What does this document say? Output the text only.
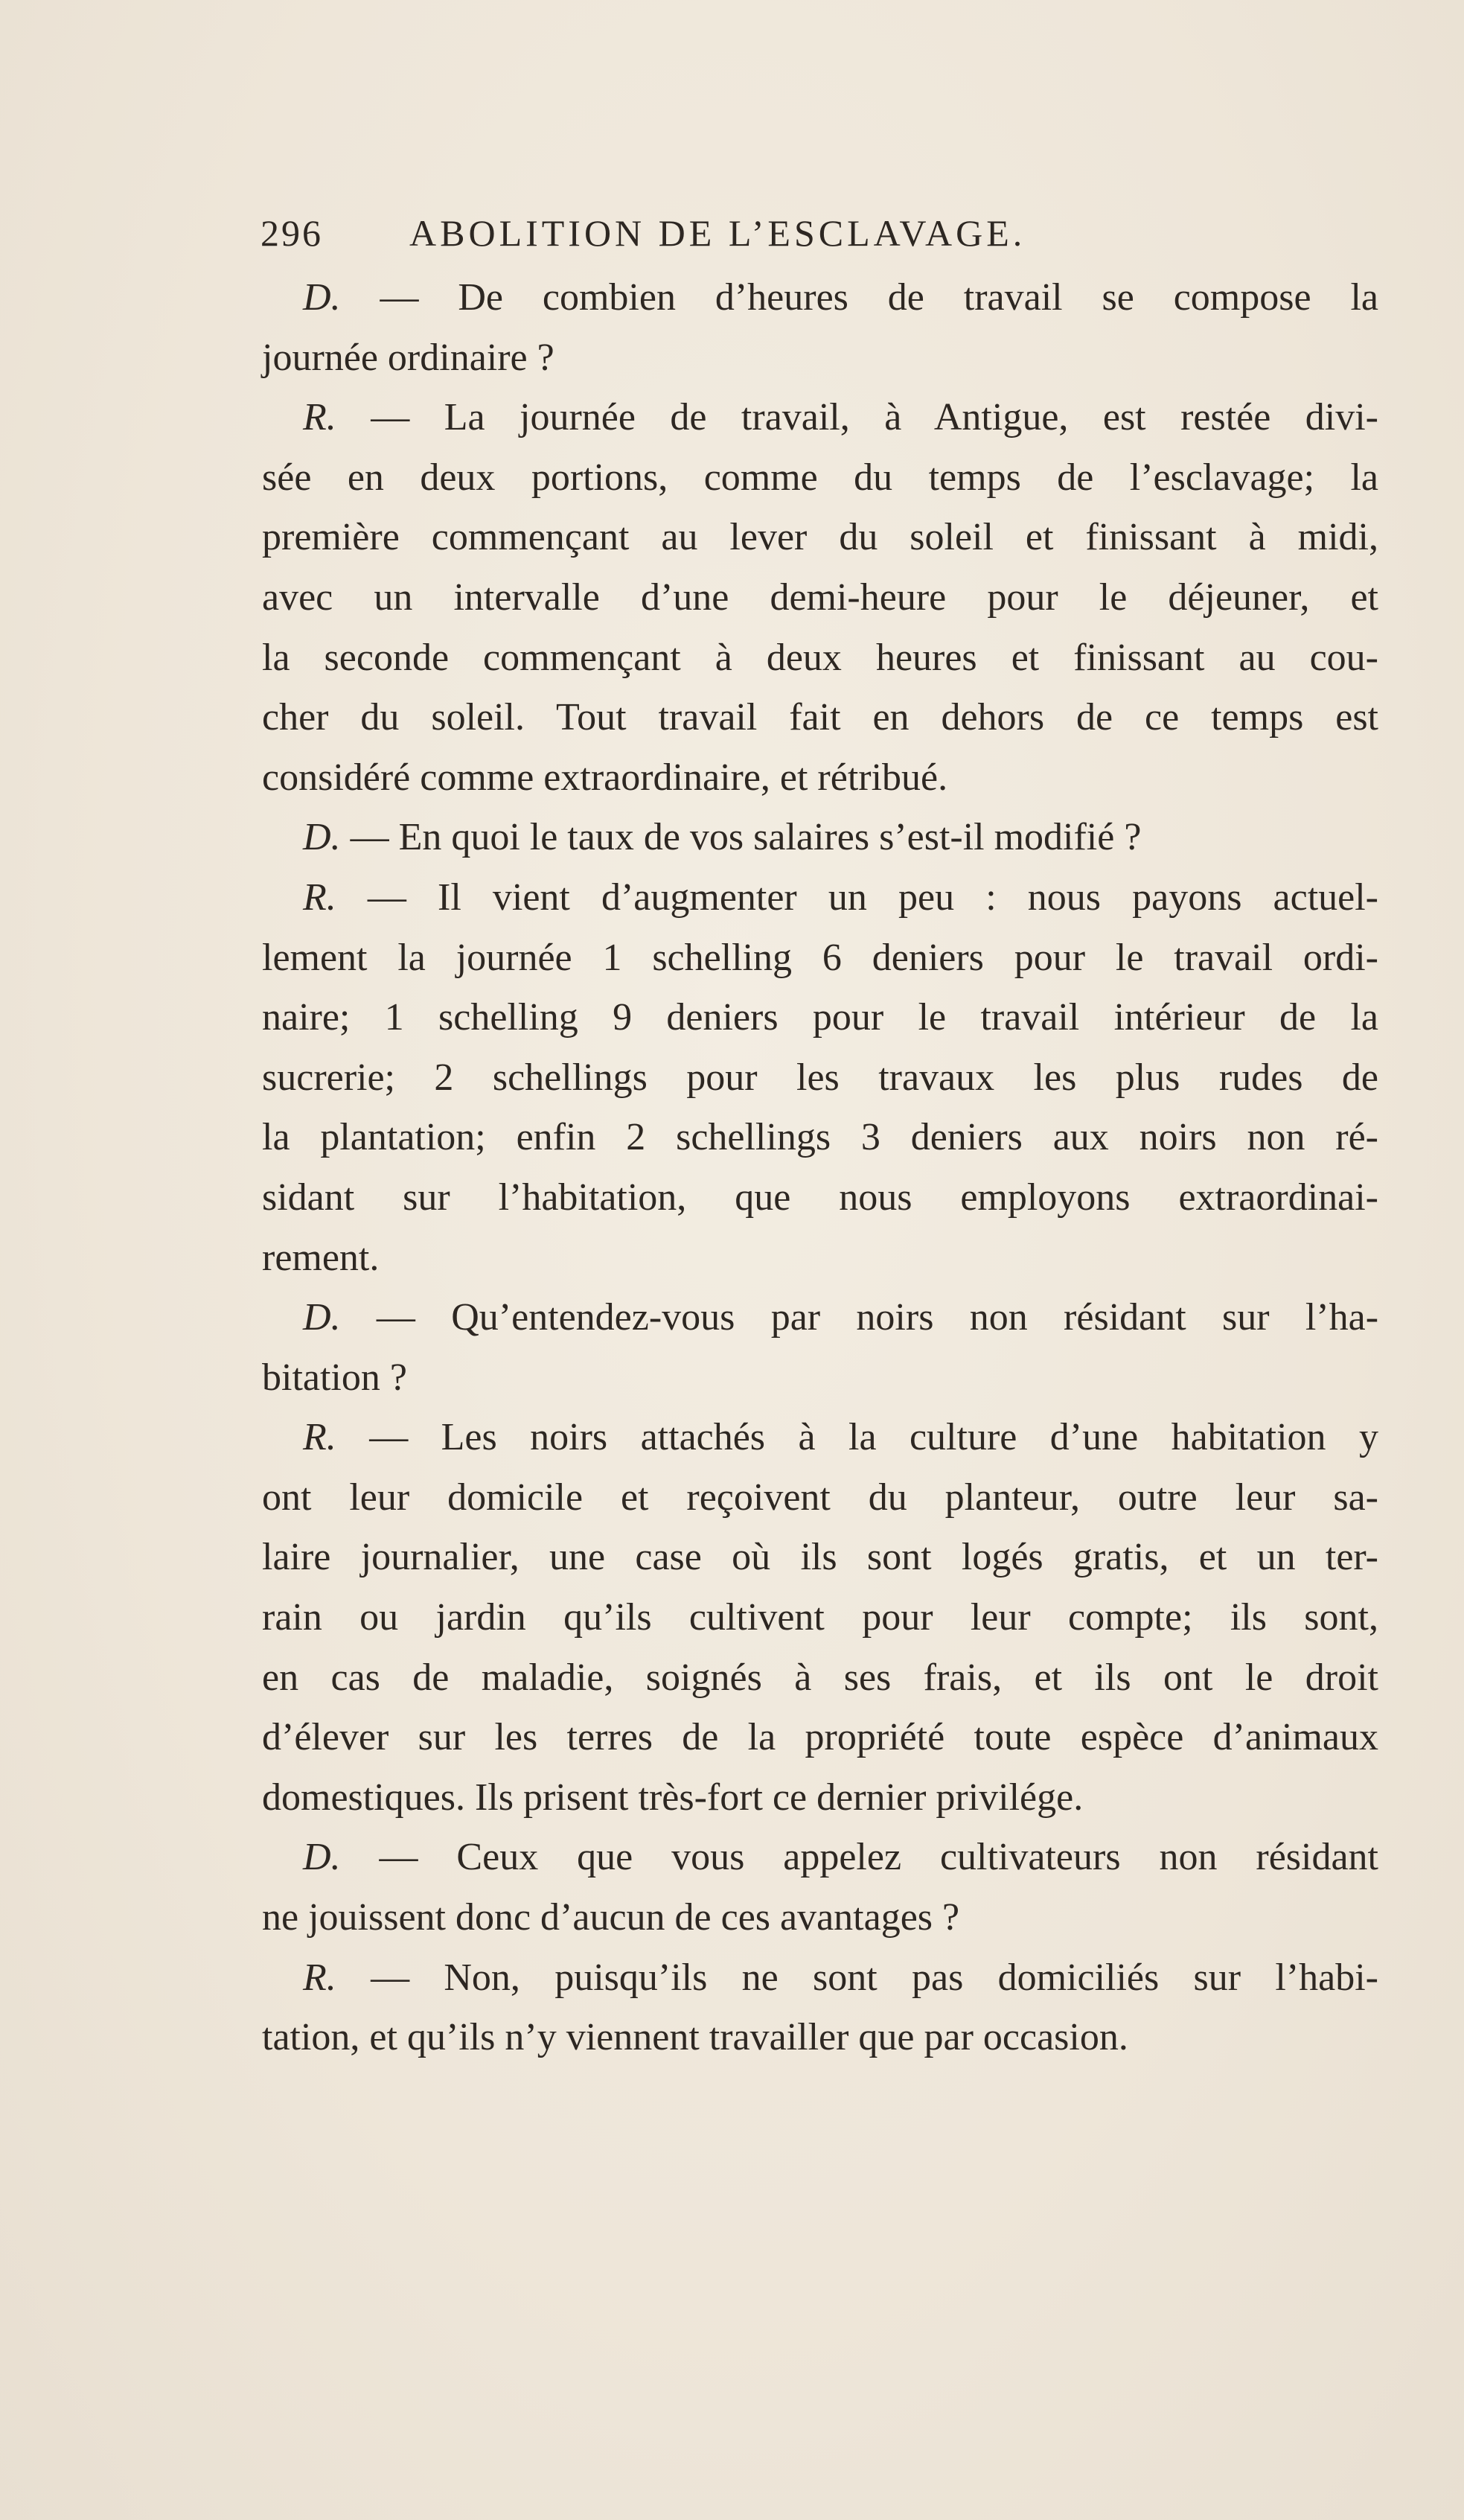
296	ABOLITION DE L’ESCLAVAGE.
D. — De combien d’heures de travail se compose la
journée ordinaire ?
R. — La journée de travail, à Antigue, est restée divi-
sée en deux portions, comme du temps de l’esclavage; la
première commençant au lever du soleil et finissant à midi,
avec un intervalle d’une demi-heure pour le déjeuner, et
la seconde commençant à deux heures et finissant au cou-
cher du soleil. Tout travail fait en dehors de ce temps est
considéré comme extraordinaire, et rétribué.
D. — En quoi le taux de vos salaires s’est-il modifié ?
R. — Il vient d’augmenter un peu : nous payons actuel-
lement la journée 1 schelling 6 deniers pour le travail ordi-
naire; 1 schelling 9 deniers pour le travail intérieur de la
sucrerie; 2 schellings pour les travaux les plus rudes de
la plantation; enfin 2 schellings 3 deniers aux noirs non ré-
sidant sur l’habitation, que nous employons extraordinai-
rement.
D. — Qu’entendez-vous par noirs non résidant sur l’ha-
bitation ?
R. — Les noirs attachés à la culture d’une habitation y
ont leur domicile et reçoivent du planteur, outre leur sa-
laire journalier, une case où ils sont logés gratis, et un ter-
rain ou jardin qu’ils cultivent pour leur compte; ils sont,
en cas de maladie, soignés à ses frais, et ils ont le droit
d’élever sur les terres de la propriété toute espèce d’animaux
domestiques. Ils prisent très-fort ce dernier privilége.
D. — Ceux que vous appelez cultivateurs non résidant
ne jouissent donc d’aucun de ces avantages ?
R. — Non, puisqu’ils ne sont pas domiciliés sur l’habi-
tation, et qu’ils n’y viennent travailler que par occasion.
